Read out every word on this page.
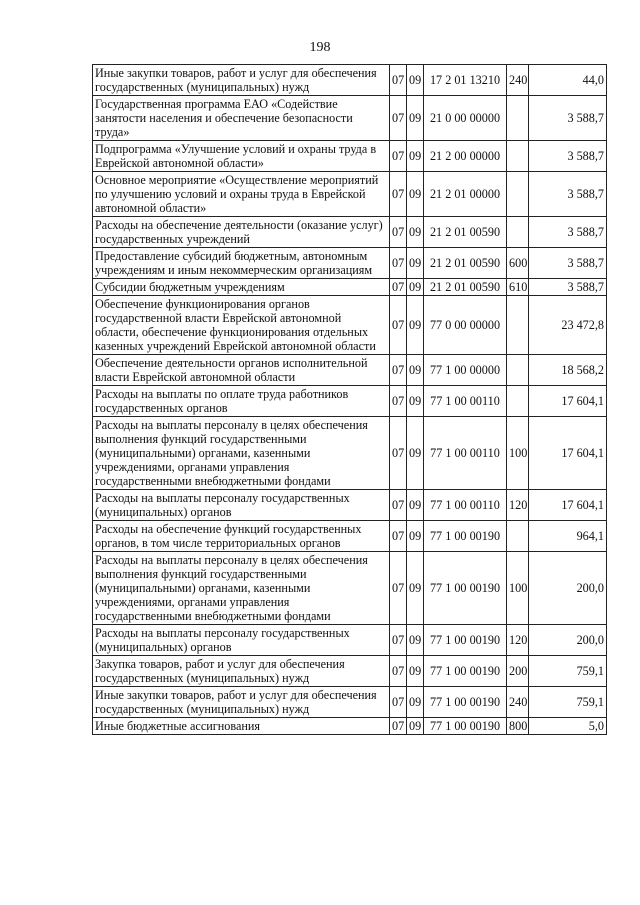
198
Иные закупки товаров, работ и услуг для обеспечения государственных (муниципальных) нужд	07	09	17 2 01 13210	240	44,0
Государственная программа ЕАО «Содействие занятости населения и обеспечение безопасности труда»	07	09	21 0 00 00000		3 588,7
Подпрограмма «Улучшение условий и охраны труда в Еврейской автономной области»	07	09	21 2 00 00000		3 588,7
Основное мероприятие «Осуществление мероприятий по улучшению условий и охраны труда в Еврейской автономной области»	07	09	21 2 01 00000		3 588,7
Расходы на обеспечение деятельности (оказание услуг) государственных учреждений	07	09	21 2 01 00590		3 588,7
Предоставление субсидий бюджетным, автономным учреждениям и иным некоммерческим организациям	07	09	21 2 01 00590	600	3 588,7
Субсидии бюджетным учреждениям	07	09	21 2 01 00590	610	3 588,7
Обеспечение функционирования органов государственной власти Еврейской автономной области, обеспечение функционирования отдельных казенных учреждений Еврейской автономной области	07	09	77 0 00 00000		23 472,8
Обеспечение деятельности органов исполнительной власти Еврейской автономной области	07	09	77 1 00 00000		18 568,2
Расходы на выплаты по оплате труда работников государственных органов	07	09	77 1 00 00110		17 604,1
Расходы на выплаты персоналу в целях обеспечения выполнения функций государственными (муниципальными) органами, казенными учреждениями, органами управления государственными внебюджетными фондами	07	09	77 1 00 00110	100	17 604,1
Расходы на выплаты персоналу государственных (муниципальных) органов	07	09	77 1 00 00110	120	17 604,1
Расходы на обеспечение функций государственных органов, в том числе территориальных органов	07	09	77 1 00 00190		964,1
Расходы на выплаты персоналу в целях обеспечения выполнения функций государственными (муниципальными) органами, казенными учреждениями, органами управления государственными внебюджетными фондами	07	09	77 1 00 00190	100	200,0
Расходы на выплаты персоналу государственных (муниципальных) органов	07	09	77 1 00 00190	120	200,0
Закупка товаров, работ и услуг для обеспечения государственных (муниципальных) нужд	07	09	77 1 00 00190	200	759,1
Иные закупки товаров, работ и услуг для обеспечения государственных (муниципальных) нужд	07	09	77 1 00 00190	240	759,1
Иные бюджетные ассигнования	07	09	77 1 00 00190	800	5,0
